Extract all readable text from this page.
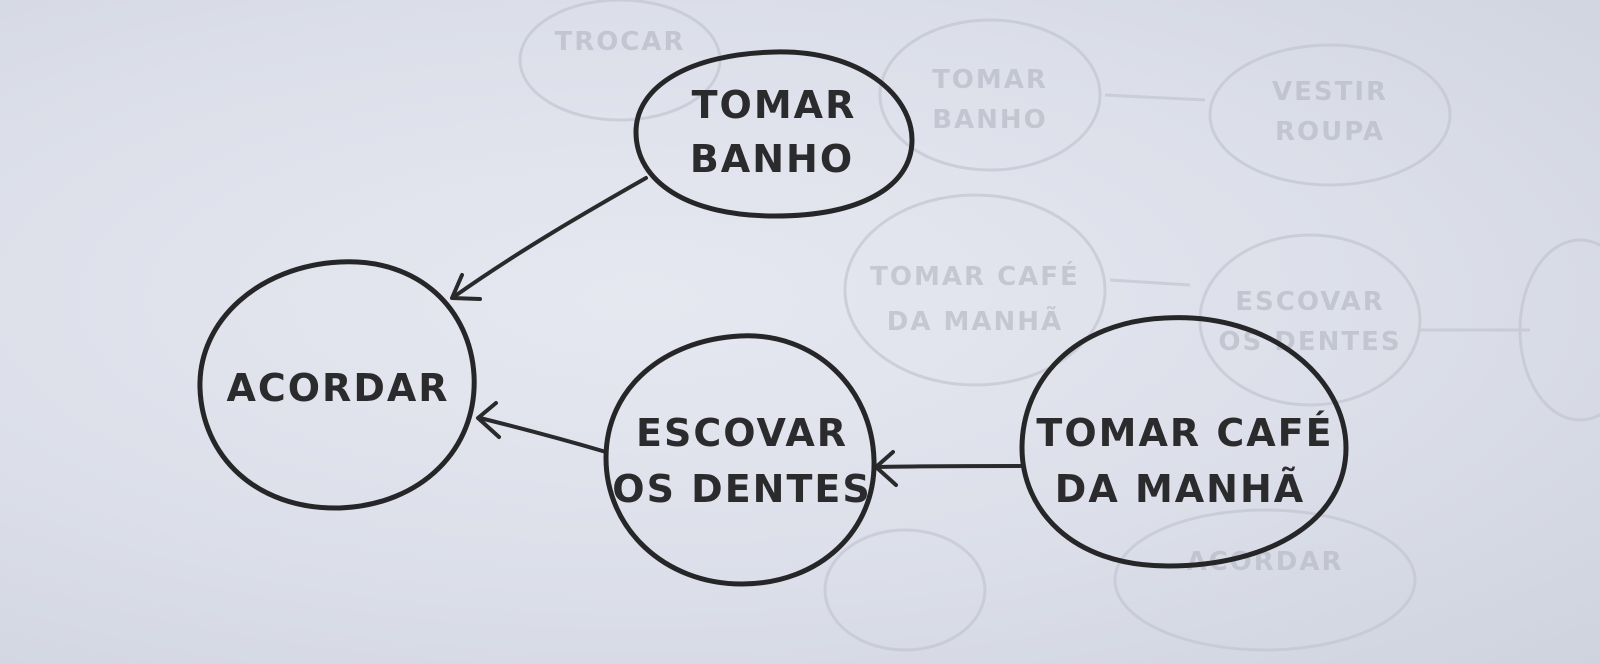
TROCAR
TOMAR
BANHO
VESTIR
ROUPA
TOMAR CAFÉ
DA MANHÃ
ESCOVAR
OS DENTES
ACORDAR
ACORDAR
TOMAR
BANHO
ESCOVAR
OS DENTES
TOMAR CAFÉ
DA MANHÃ
